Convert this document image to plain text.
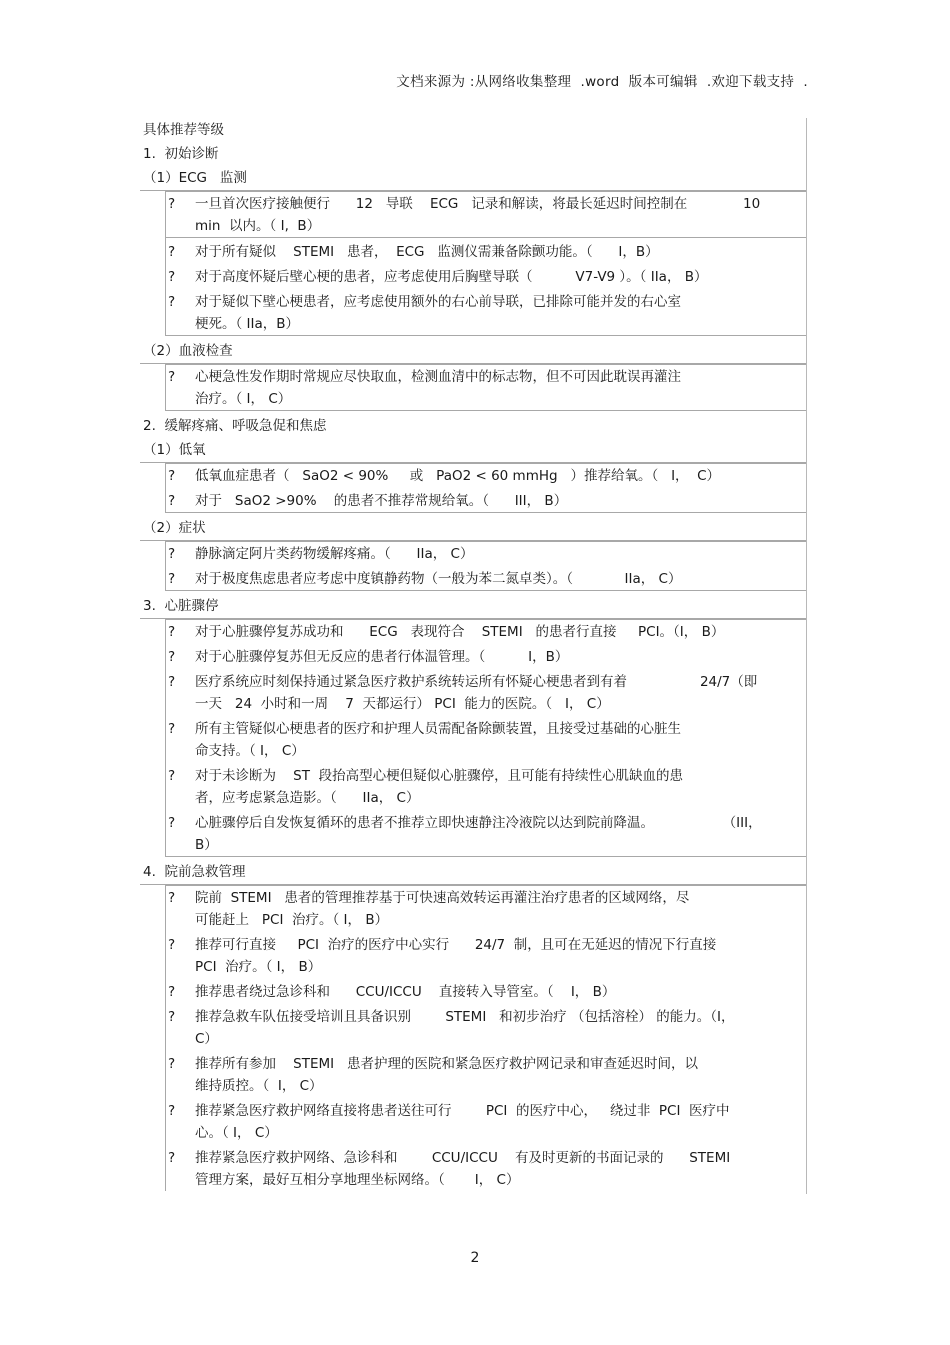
文档来源为 :从网络收集整理  .word  版本可编辑  .欢迎下载支持  .
具体推荐等级
1.  初始诊断
（1）ECG   监测
? 一旦首次医疗接触便行      12   导联    ECG   记录和解读，将最长延迟时间控制在             10
min  以内。（ I,  B）
? 对于所有疑似    STEMI   患者，  ECG   监测仪需兼备除颤功能。（      I，B）
? 对于高度怀疑后壁心梗的患者，应考虑使用后胸壁导联（          V7-V9 ）。（ IIa， B）
? 对于疑似下壁心梗患者，应考虑使用额外的右心前导联，已排除可能并发的右心室
梗死。（ IIa，B）
（2）血液检查
? 心梗急性发作期时常规应尽快取血，检测血清中的标志物，但不可因此耽误再灌注
治疗。（ I， C）
2.  缓解疼痛、呼吸急促和焦虑
（1）低氧
? 低氧血症患者（   SaO2 < 90%     或   PaO2 < 60 mmHg   ）推荐给氧。（   I，  C）
? 对于   SaO2 >90%    的患者不推荐常规给氧。（      III， B）
（2）症状
? 静脉滴定阿片类药物缓解疼痛。（      IIa， C）
? 对于极度焦虑患者应考虑中度镇静药物（一般为苯二氮卓类）。（            IIa， C）
3.  心脏骤停
? 对于心脏骤停复苏成功和      ECG   表现符合    STEMI   的患者行直接     PCI。（I， B）
? 对于心脏骤停复苏但无反应的患者行体温管理。（          I，B）
? 医疗系统应时刻保持通过紧急医疗救护系统转运所有怀疑心梗患者到有着                 24/7（即
一天   24  小时和一周    7  天都运行） PCI  能力的医院。（   I， C）
? 所有主管疑似心梗患者的医疗和护理人员需配备除颤装置，且接受过基础的心脏生
命支持。（ I， C）
? 对于未诊断为    ST  段抬高型心梗但疑似心脏骤停，且可能有持续性心肌缺血的患
者，应考虑紧急造影。（      IIa， C）
? 心脏骤停后自发恢复循环的患者不推荐立即快速静注冷液院以达到院前降温。                （III，
B）
4.  院前急救管理
? 院前  STEMI   患者的管理推荐基于可快速高效转运再灌注治疗患者的区域网络，尽
可能赶上   PCI  治疗。（ I， B）
? 推荐可行直接     PCI  治疗的医疗中心实行      24/7  制，且可在无延迟的情况下行直接
PCI  治疗。（ I， B）
? 推荐患者绕过急诊科和      CCU/ICCU    直接转入导管室。（    I， B）
? 推荐急救车队伍接受培训且具备识别        STEMI   和初步治疗 （包括溶栓） 的能力。（I，
C）
? 推荐所有参加    STEMI   患者护理的医院和紧急医疗救护网记录和审查延迟时间，以
维持质控。（  I， C）
? 推荐紧急医疗救护网络直接将患者送往可行        PCI  的医疗中心，   绕过非  PCI  医疗中
心。（ I， C）
? 推荐紧急医疗救护网络、急诊科和        CCU/ICCU    有及时更新的书面记录的      STEMI
管理方案，最好互相分享地理坐标网络。（       I， C）
2
